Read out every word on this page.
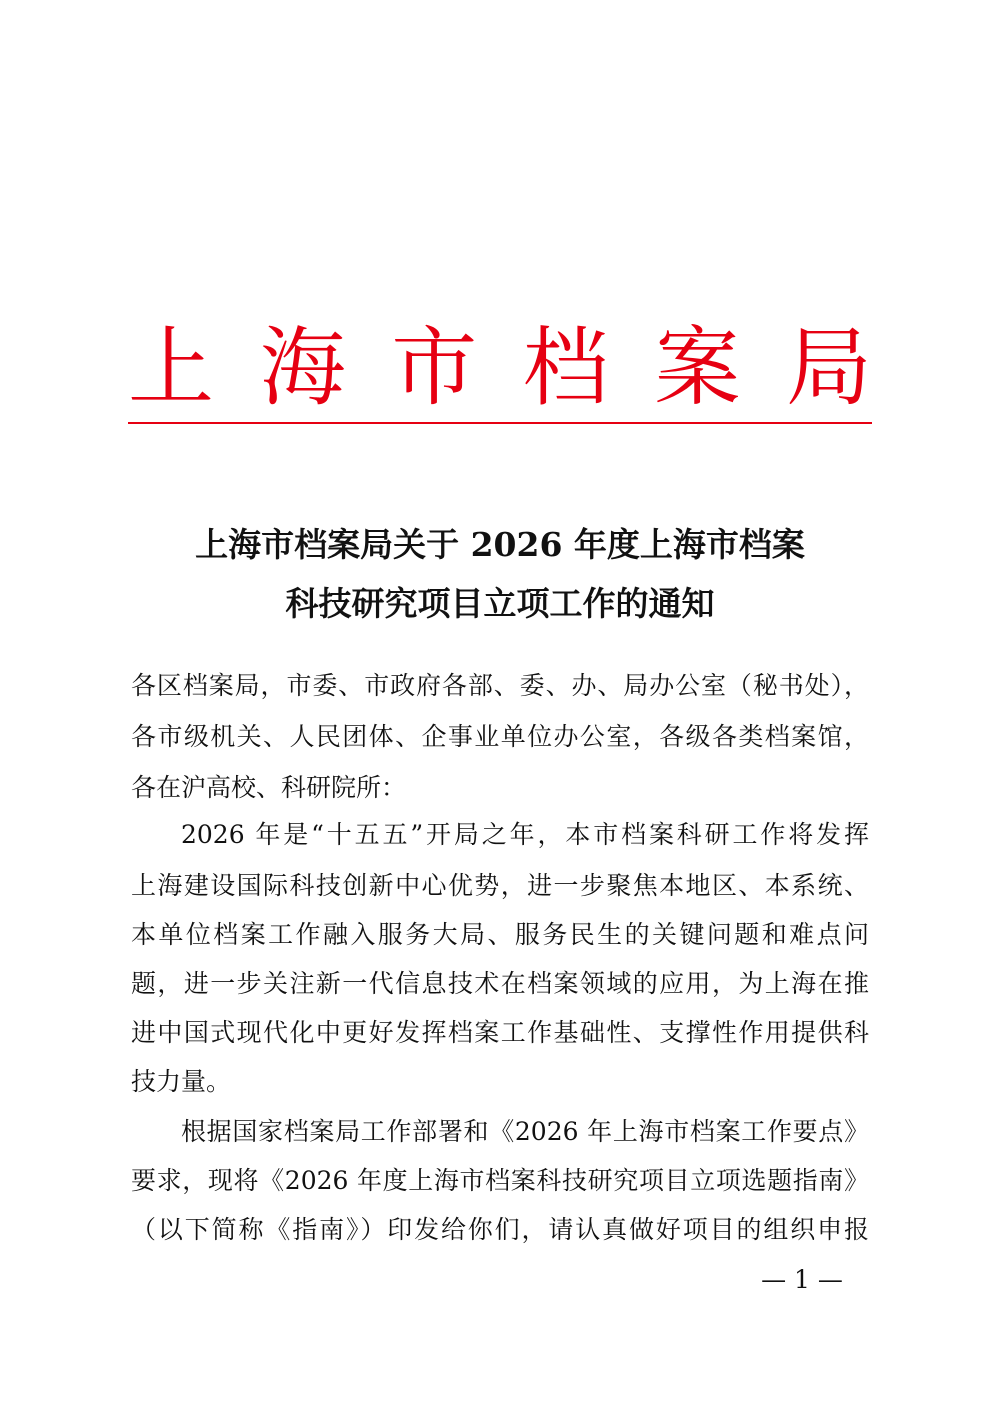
上 海 市 档 案 局
上海市档案局关于 2026 年度上海市档案
科技研究项目立项工作的通知
各区档案局，市委、市政府各部、委、办、局办公室（秘书处），
各市级机关、人民团体、企事业单位办公室，各级各类档案馆，
各在沪高校、科研院所：
2026 年是“十五五”开局之年，本市档案科研工作将发挥
上海建设国际科技创新中心优势，进一步聚焦本地区、本系统、
本单位档案工作融入服务大局、服务民生的关键问题和难点问
题，进一步关注新一代信息技术在档案领域的应用，为上海在推
进中国式现代化中更好发挥档案工作基础性、支撑性作用提供科
技力量。
根据国家档案局工作部署和《2026 年上海市档案工作要点》
要求，现将《2026 年度上海市档案科技研究项目立项选题指南》
（以下简称《指南》）印发给你们，请认真做好项目的组织申报
— 1 —
